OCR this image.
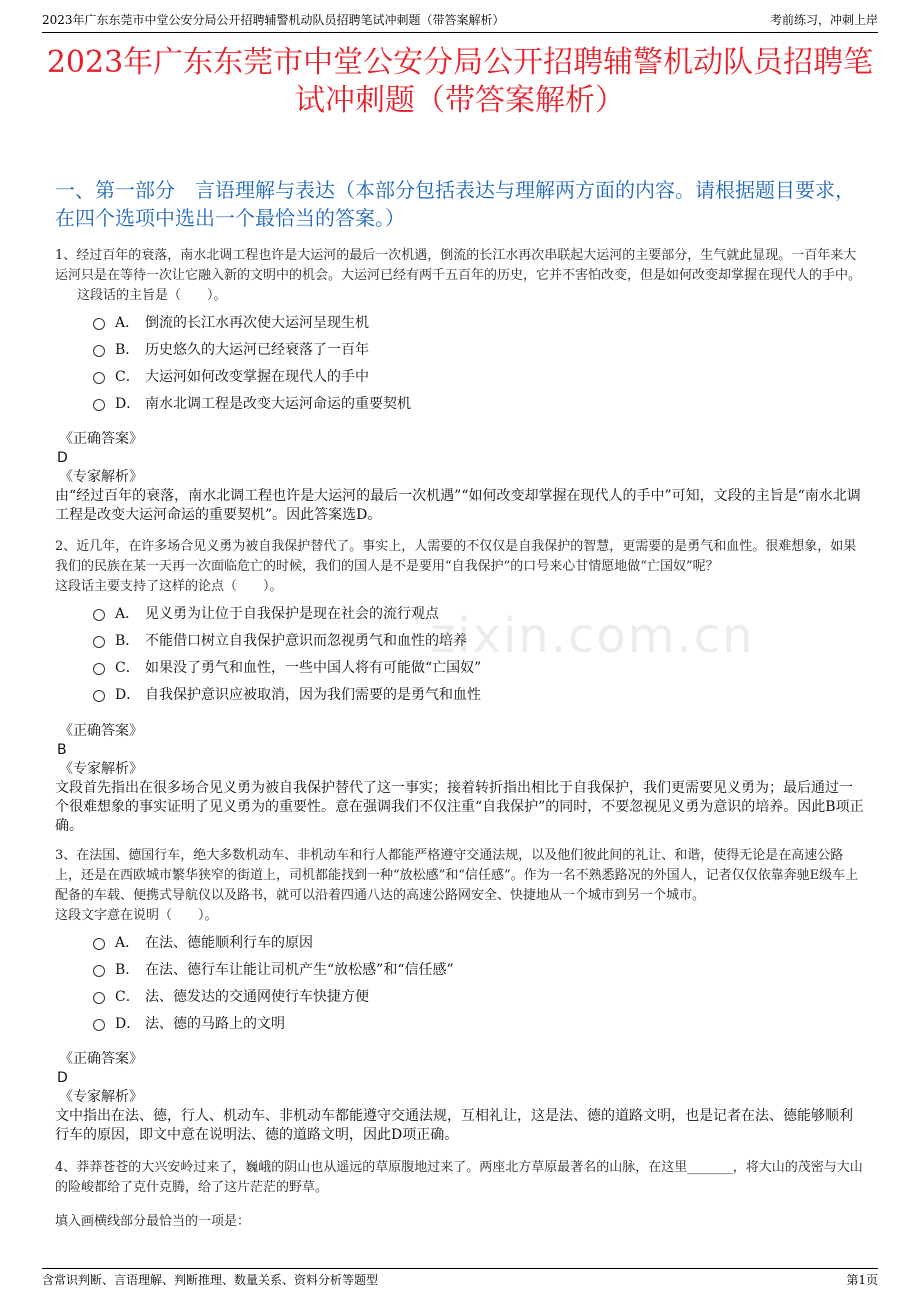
2023年广东东莞市中堂公安分局公开招聘辅警机动队员招聘笔试冲刺题（带答案解析）	考前练习，冲刺上岸
2023年广东东莞市中堂公安分局公开招聘辅警机动队员招聘笔试冲刺题（带答案解析）
一、第一部分　言语理解与表达（本部分包括表达与理解两方面的内容。请根据题目要求，在四个选项中选出一个最恰当的答案。）
zixin.com.cn
1、经过百年的衰落，南水北调工程也许是大运河的最后一次机遇，倒流的长江水再次串联起大运河的主要部分，生气就此显现。一百年来大运河只是在等待一次让它融入新的文明中的机会。大运河已经有两千五百年的历史，它并不害怕改变，但是如何改变却掌握在现代人的手中。
这段话的主旨是（　　）。
A． 倒流的长江水再次使大运河呈现生机
B． 历史悠久的大运河已经衰落了一百年
C． 大运河如何改变掌握在现代人的手中
D． 南水北调工程是改变大运河命运的重要契机
《正确答案》
D
《专家解析》
由“经过百年的衰落，南水北调工程也许是大运河的最后一次机遇”“如何改变却掌握在现代人的手中”可知，文段的主旨是“南水北调工程是改变大运河命运的重要契机”。因此答案选D。
2、近几年，在许多场合见义勇为被自我保护替代了。事实上，人需要的不仅仅是自我保护的智慧，更需要的是勇气和血性。很难想象，如果我们的民族在某一天再一次面临危亡的时候，我们的国人是不是要用“自我保护”的口号来心甘情愿地做“亡国奴”呢？
这段话主要支持了这样的论点（　　）。
A． 见义勇为让位于自我保护是现在社会的流行观点
B． 不能借口树立自我保护意识而忽视勇气和血性的培养
C． 如果没了勇气和血性，一些中国人将有可能做“亡国奴”
D． 自我保护意识应被取消，因为我们需要的是勇气和血性
《正确答案》
B
《专家解析》
文段首先指出在很多场合见义勇为被自我保护替代了这一事实；接着转折指出相比于自我保护，我们更需要见义勇为；最后通过一个很难想象的事实证明了见义勇为的重要性。意在强调我们不仅注重“自我保护”的同时，不要忽视见义勇为意识的培养。因此B项正确。
3、在法国、德国行车，绝大多数机动车、非机动车和行人都能严格遵守交通法规，以及他们彼此间的礼让、和谐，使得无论是在高速公路上，还是在西欧城市繁华狭窄的街道上，司机都能找到一种“放松感”和“信任感”。作为一名不熟悉路况的外国人，记者仅仅依靠奔驰E级车上配备的车载、便携式导航仪以及路书，就可以沿着四通八达的高速公路网安全、快捷地从一个城市到另一个城市。
这段文字意在说明（　　）。
A． 在法、德能顺利行车的原因
B． 在法、德行车让能让司机产生“放松感”和“信任感”
C． 法、德发达的交通网使行车快捷方便
D． 法、德的马路上的文明
《正确答案》
D
《专家解析》
文中指出在法、德，行人、机动车、非机动车都能遵守交通法规，互相礼让，这是法、德的道路文明，也是记者在法、德能够顺利行车的原因，即文中意在说明法、德的道路文明，因此D项正确。
4、莽莽苍苍的大兴安岭过来了，巍峨的阴山也从遥远的草原腹地过来了。两座北方草原最著名的山脉，在这里_______，将大山的茂密与大山的险峻都给了克什克腾，给了这片茫茫的野草。
填入画横线部分最恰当的一项是：
含常识判断、言语理解、判断推理、数量关系、资料分析等题型	第1页
